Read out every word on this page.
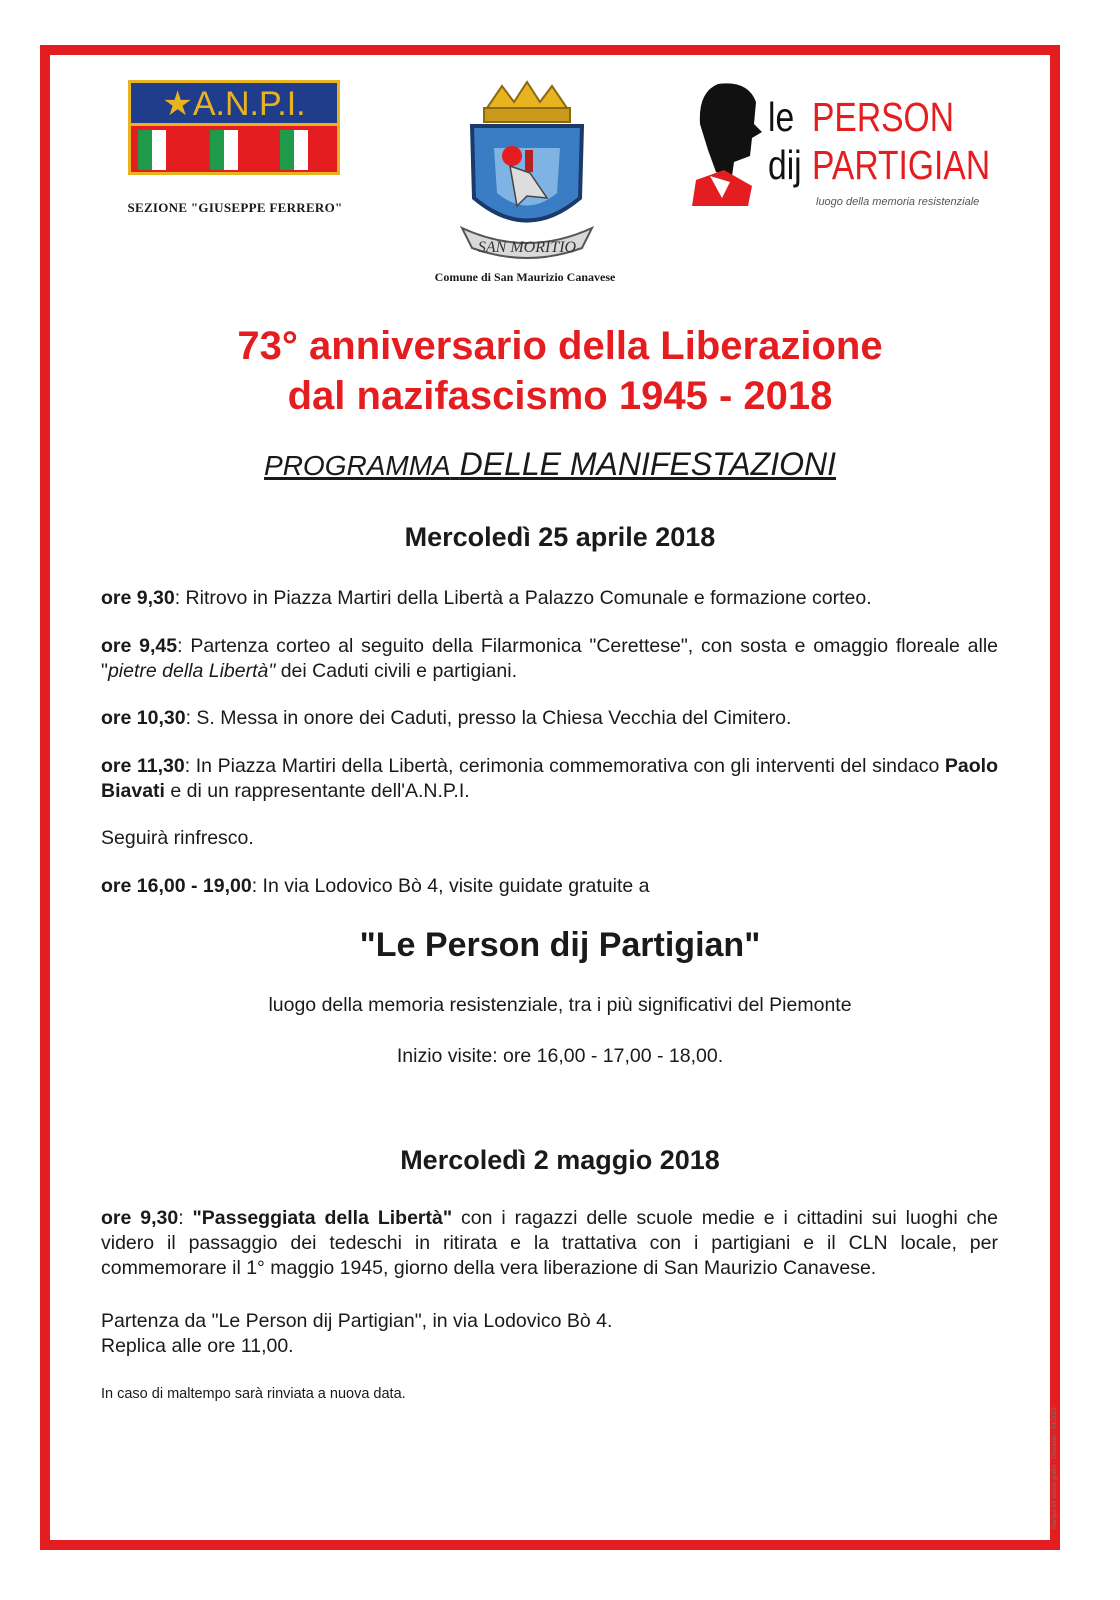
★A.N.P.I.
SEZIONE "GIUSEPPE FERRERO"
SAN MORITIO
Comune di San Maurizio Canavese
le PERSON
dij PARTIGIAN
luogo della memoria resistenziale
73° anniversario della Liberazione
dal nazifascismo 1945 - 2018
PROGRAMMA DELLE MANIFESTAZIONI
Mercoledì 25 aprile 2018
ore 9,30: Ritrovo in Piazza Martiri della Libertà a Palazzo Comunale e formazione corteo.
ore 9,45: Partenza corteo al seguito della Filarmonica "Cerettese", con sosta e omaggio floreale alle "pietre della Libertà" dei Caduti civili e partigiani.
ore 10,30: S. Messa in onore dei Caduti, presso la Chiesa Vecchia del Cimitero.
ore 11,30: In Piazza Martiri della Libertà, cerimonia commemorativa con gli interventi del sindaco Paolo Biavati e di un rappresentante dell'A.N.P.I.
Seguirà rinfresco.
ore 16,00 - 19,00: In via Lodovico Bò 4, visite guidate gratuite a
"Le Person dij Partigian"
luogo della memoria resistenziale, tra i più significativi del Piemonte
Inizio visite: ore 16,00 - 17,00 - 18,00.
Mercoledì 2 maggio 2018
ore 9,30: "Passeggiata della Libertà" con i ragazzi delle scuole medie e i cittadini sui luoghi che videro il passaggio dei tedeschi in ritirata e la trattativa con i partigiani e il CLN locale, per commemorare il 1° maggio 1945, giorno della vera liberazione di San Maurizio Canavese.
Partenza da "Le Person dij Partigian", in via Lodovico Bò 4.
Replica alle ore 11,00.
In caso di maltempo sarà rinviata a nuova data.
Stampa A4 servizi grafici - Chivasso - 04/2018
